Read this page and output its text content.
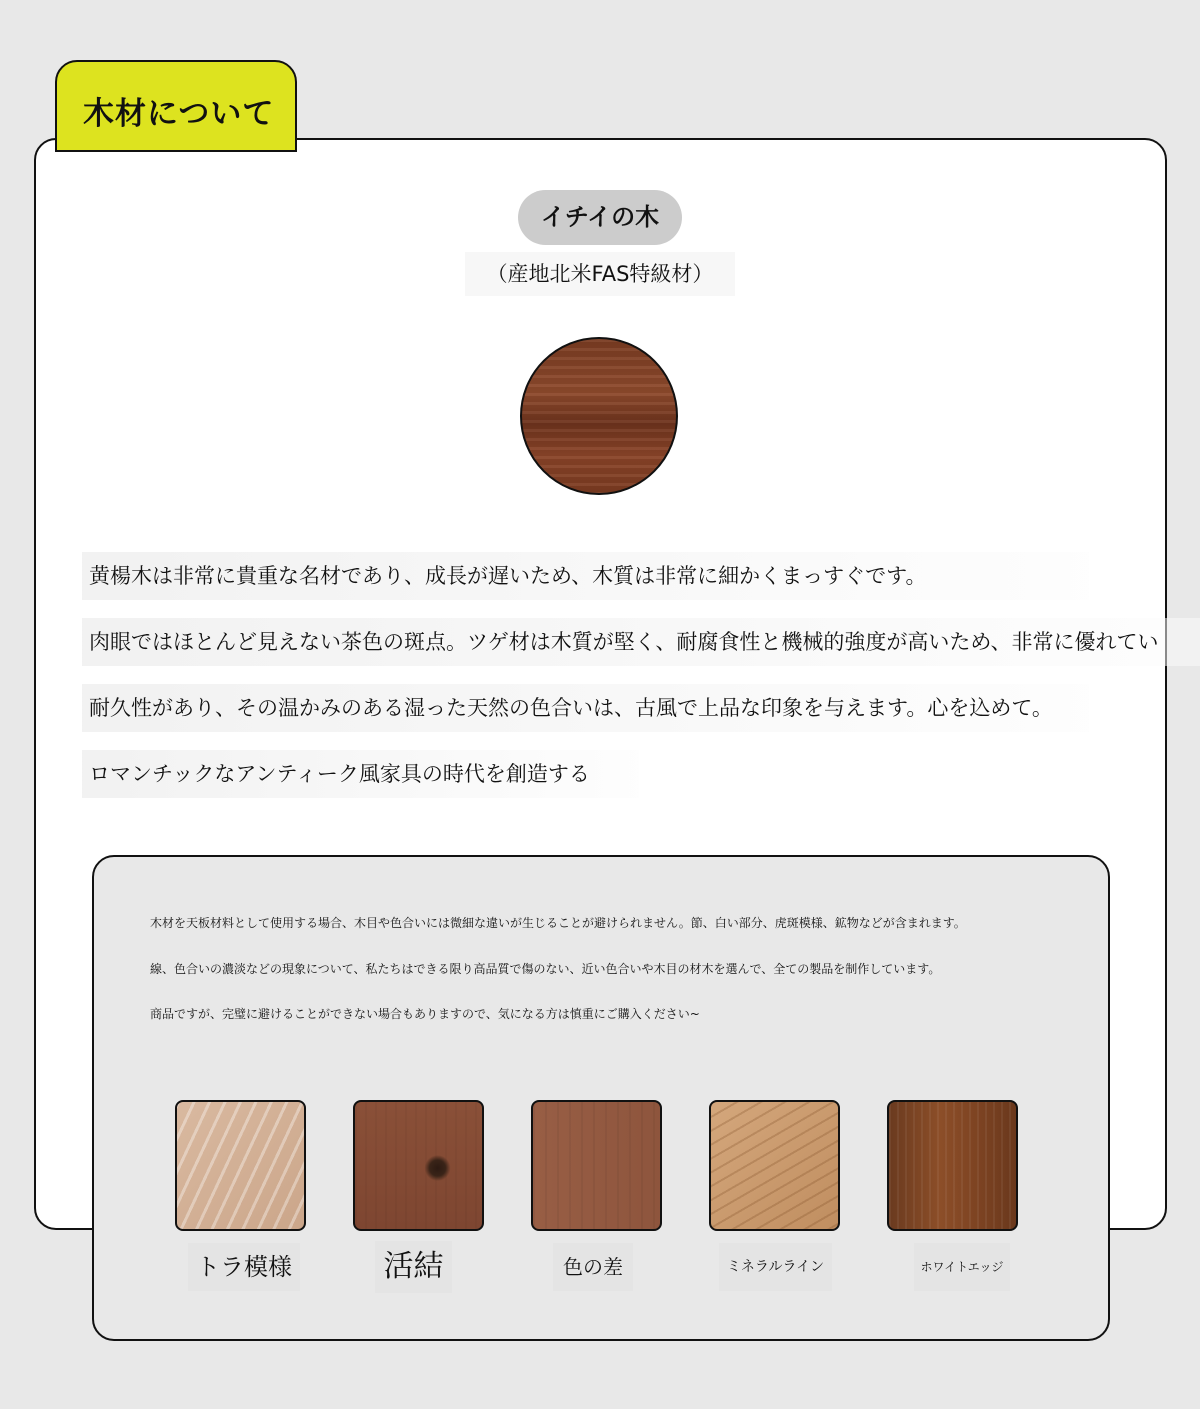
木材について
イチイの木
（産地北米FAS特級材）
黄楊木は非常に貴重な名材であり、成長が遅いため、木質は非常に細かくまっすぐです。
肉眼ではほとんど見えない茶色の斑点。ツゲ材は木質が堅く、耐腐食性と機械的強度が高いため、非常に優れてい
耐久性があり、その温かみのある湿った天然の色合いは、古風で上品な印象を与えます。心を込めて。
ロマンチックなアンティーク風家具の時代を創造する
木材を天板材料として使用する場合、木目や色合いには微細な違いが生じることが避けられません。節、白い部分、虎斑模様、鉱物などが含まれます。
線、色合いの濃淡などの現象について、私たちはできる限り高品質で傷のない、近い色合いや木目の材木を選んで、全ての製品を制作しています。
商品ですが、完璧に避けることができない場合もありますので、気になる方は慎重にご購入ください~
トラ模様	活結	色の差	ミネラルライン	ホワイトエッジ
